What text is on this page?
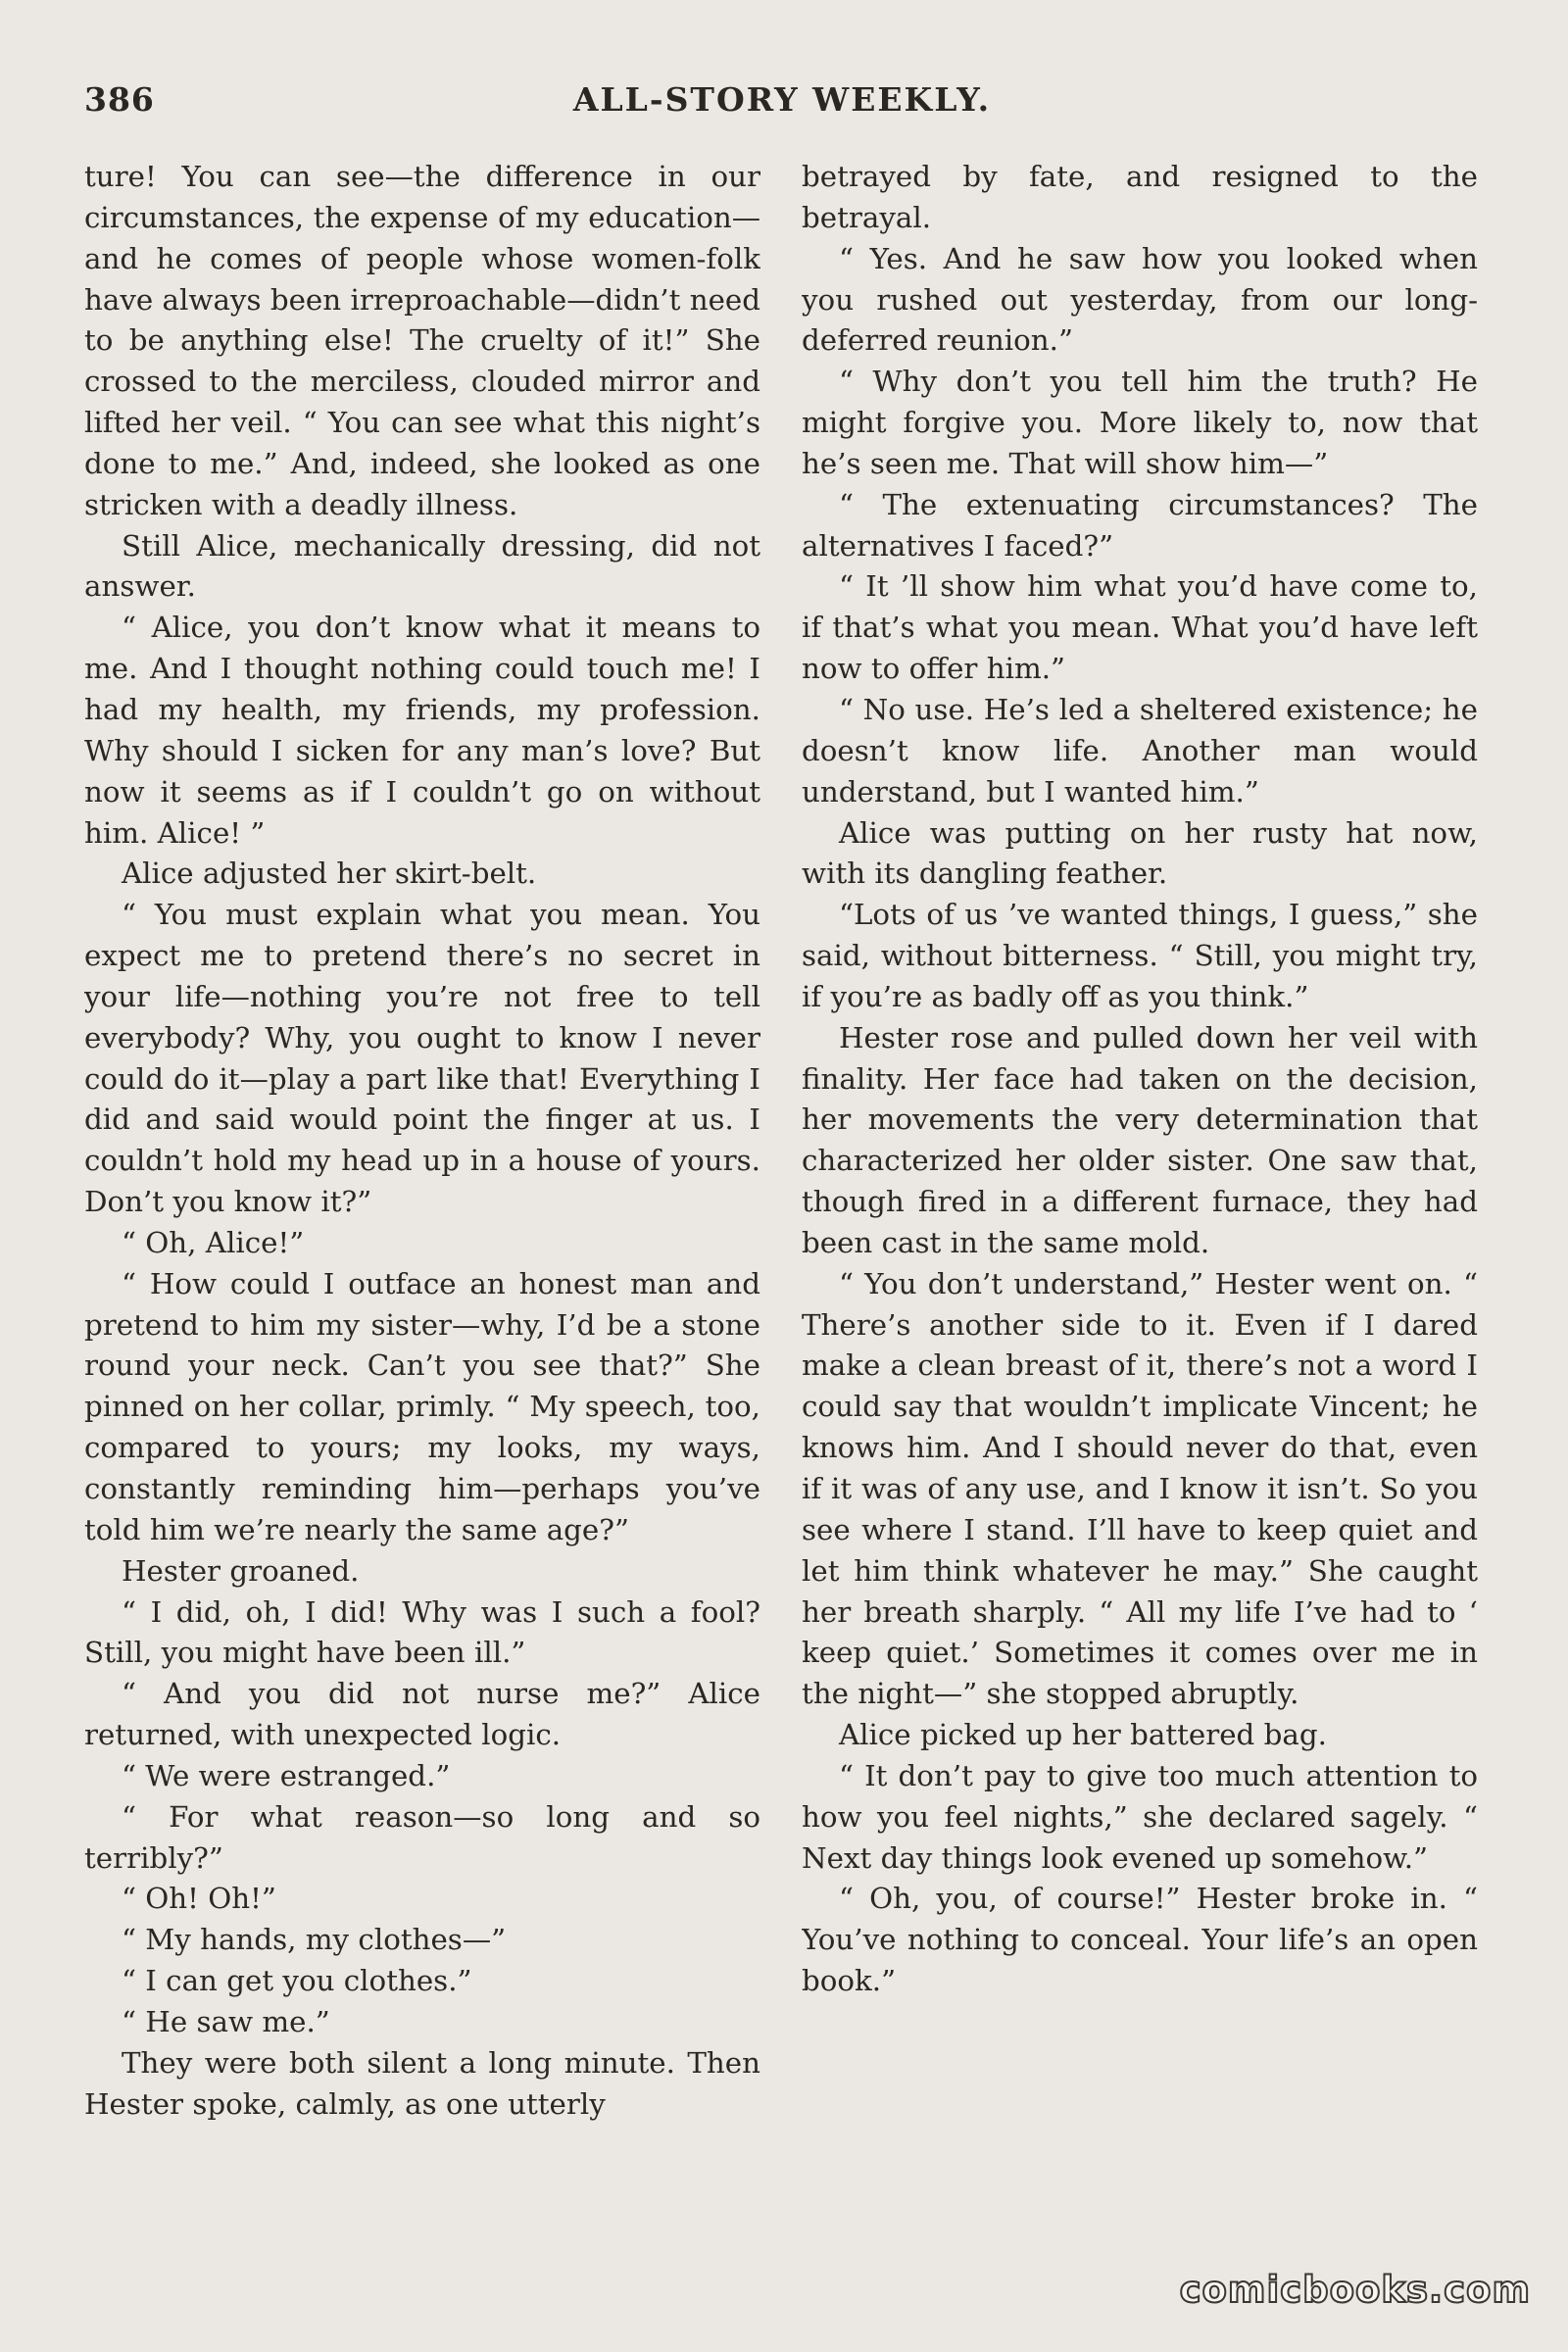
386	ALL-STORY WEEKLY.

ture! You can see—the difference in our circumstances, the expense of my education—and he comes of people whose women-folk have always been irreproachable—didn’t need to be anything else! The cruelty of it!” She crossed to the merciless, clouded mirror and lifted her veil. “ You can see what this night’s done to me.” And, indeed, she looked as one stricken with a deadly illness.

Still Alice, mechanically dressing, did not answer.

“ Alice, you don’t know what it means to me. And I thought nothing could touch me! I had my health, my friends, my profession. Why should I sicken for any man’s love? But now it seems as if I couldn’t go on without him. Alice! ”

Alice adjusted her skirt-belt.

“ You must explain what you mean. You expect me to pretend there’s no secret in your life—nothing you’re not free to tell everybody? Why, you ought to know I never could do it—play a part like that! Everything I did and said would point the finger at us. I couldn’t hold my head up in a house of yours. Don’t you know it?”

“ Oh, Alice!”

“ How could I outface an honest man and pretend to him my sister—why, I’d be a stone round your neck. Can’t you see that?” She pinned on her collar, primly. “ My speech, too, compared to yours; my looks, my ways, constantly reminding him—perhaps you’ve told him we’re nearly the same age?”

Hester groaned.

“ I did, oh, I did! Why was I such a fool? Still, you might have been ill.”

“ And you did not nurse me?” Alice returned, with unexpected logic.

“ We were estranged.”

“ For what reason—so long and so terribly?”

“ Oh! Oh!”

“ My hands, my clothes—”

“ I can get you clothes.”

“ He saw me.”

They were both silent a long minute. Then Hester spoke, calmly, as one utterly

betrayed by fate, and resigned to the betrayal.

“ Yes. And he saw how you looked when you rushed out yesterday, from our long-deferred reunion.”

“ Why don’t you tell him the truth? He might forgive you. More likely to, now that he’s seen me. That will show him—”

“ The extenuating circumstances? The alternatives I faced?”

“ It ’ll show him what you’d have come to, if that’s what you mean. What you’d have left now to offer him.”

“ No use. He’s led a sheltered existence; he doesn’t know life. Another man would understand, but I wanted him.”

Alice was putting on her rusty hat now, with its dangling feather.

“Lots of us ’ve wanted things, I guess,” she said, without bitterness. “ Still, you might try, if you’re as badly off as you think.”

Hester rose and pulled down her veil with finality. Her face had taken on the decision, her movements the very determination that characterized her older sister. One saw that, though fired in a different furnace, they had been cast in the same mold.

“ You don’t understand,” Hester went on. “ There’s another side to it. Even if I dared make a clean breast of it, there’s not a word I could say that wouldn’t implicate Vincent; he knows him. And I should never do that, even if it was of any use, and I know it isn’t. So you see where I stand. I’ll have to keep quiet and let him think whatever he may.” She caught her breath sharply. “ All my life I’ve had to ‘ keep quiet.’ Sometimes it comes over me in the night—” she stopped abruptly.

Alice picked up her battered bag.

“ It don’t pay to give too much attention to how you feel nights,” she declared sagely. “ Next day things look evened up somehow.”

“ Oh, you, of course!” Hester broke in. “ You’ve nothing to conceal. Your life’s an open book.”

comicbooks.com
